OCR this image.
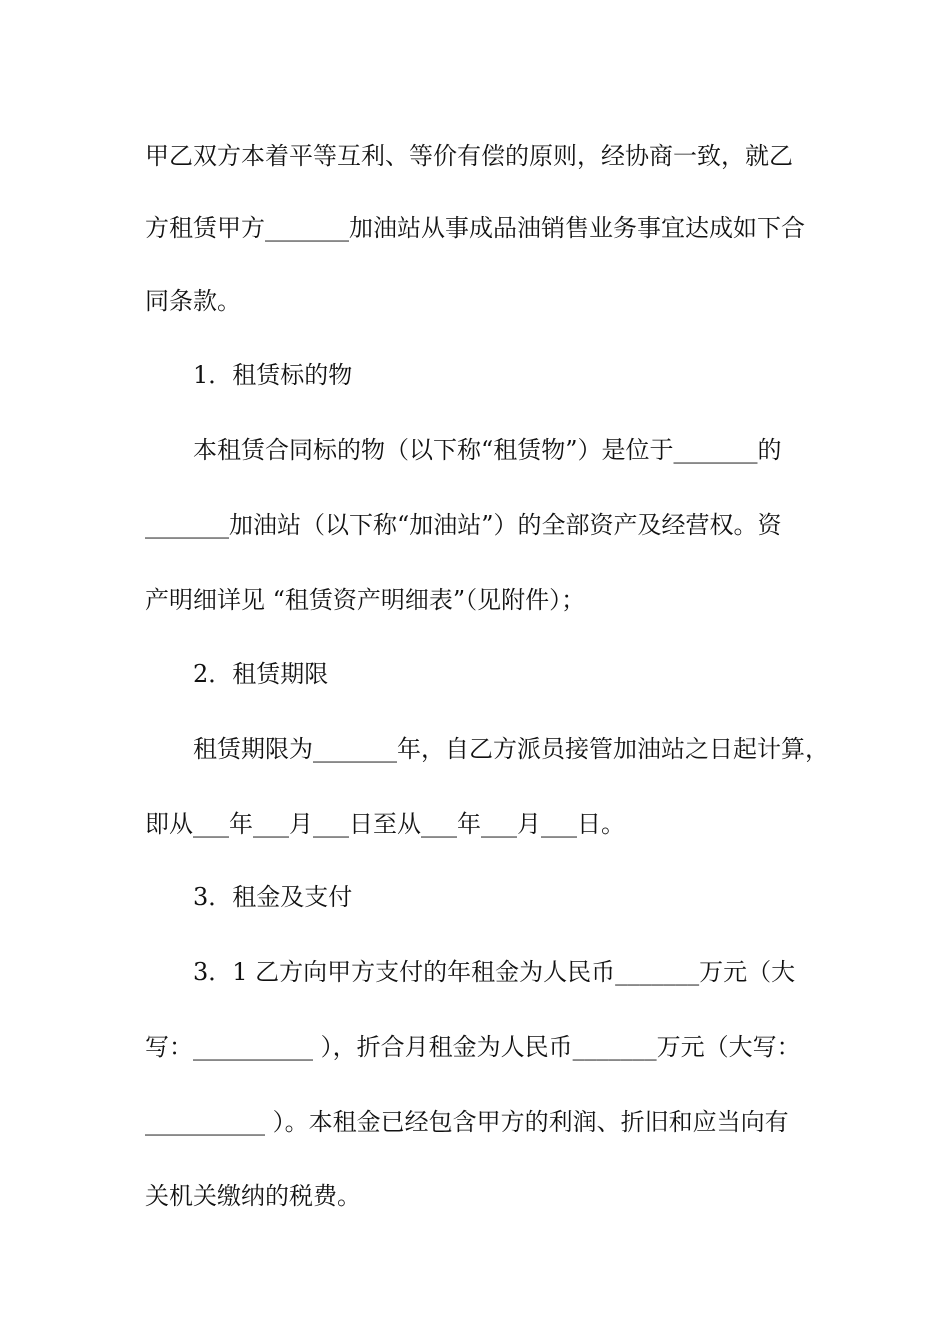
甲乙双方本着平等互利、等价有偿的原则，经协商一致，就乙
方租赁甲方_______加油站从事成品油销售业务事宜达成如下合
同条款。
1．租赁标的物
本租赁合同标的物（以下称“租赁物”）是位于_______的
_______加油站（以下称“加油站”）的全部资产及经营权。资
产明细详见 “租赁资产明细表”（见附件）；
2．租赁期限
租赁期限为_______年，自乙方派员接管加油站之日起计算，
即从___年___月___日至从___年___月___日。
3．租金及支付
3．1 乙方向甲方支付的年租金为人民币_______万元（大
写：__________ ），折合月租金为人民币_______万元（大写：
__________ ）。本租金已经包含甲方的利润、折旧和应当向有
关机关缴纳的税费。
